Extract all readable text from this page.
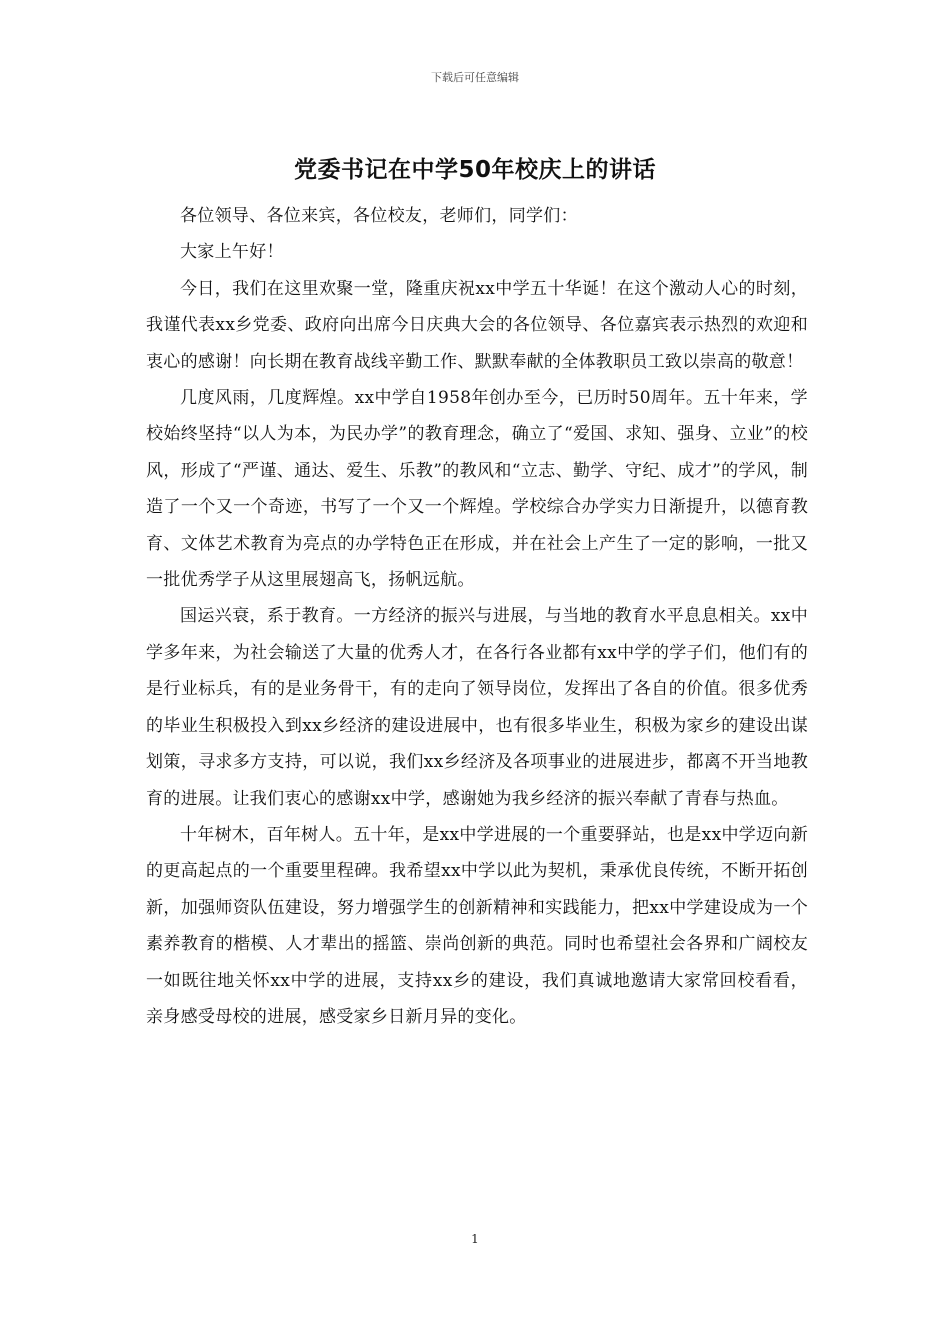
下载后可任意编辑
党委书记在中学50年校庆上的讲话

各位领导、各位来宾，各位校友，老师们，同学们：

大家上午好！

今日，我们在这里欢聚一堂，隆重庆祝xx中学五十华诞！在这个激动人心的时刻，我谨代表xx乡党委、政府向出席今日庆典大会的各位领导、各位嘉宾表示热烈的欢迎和衷心的感谢！向长期在教育战线辛勤工作、默默奉献的全体教职员工致以崇高的敬意！

几度风雨，几度辉煌。xx中学自1958年创办至今，已历时50周年。五十年来，学校始终坚持“以人为本，为民办学”的教育理念，确立了“爱国、求知、强身、立业”的校风，形成了“严谨、通达、爱生、乐教”的教风和“立志、勤学、守纪、成才”的学风，制造了一个又一个奇迹，书写了一个又一个辉煌。学校综合办学实力日渐提升，以德育教育、文体艺术教育为亮点的办学特色正在形成，并在社会上产生了一定的影响，一批又一批优秀学子从这里展翅高飞，扬帆远航。

国运兴衰，系于教育。一方经济的振兴与进展，与当地的教育水平息息相关。xx中学多年来，为社会输送了大量的优秀人才，在各行各业都有xx中学的学子们，他们有的是行业标兵，有的是业务骨干，有的走向了领导岗位，发挥出了各自的价值。很多优秀的毕业生积极投入到xx乡经济的建设进展中，也有很多毕业生，积极为家乡的建设出谋划策，寻求多方支持，可以说，我们xx乡经济及各项事业的进展进步，都离不开当地教育的进展。让我们衷心的感谢xx中学，感谢她为我乡经济的振兴奉献了青春与热血。

十年树木，百年树人。五十年，是xx中学进展的一个重要驿站，也是xx中学迈向新的更高起点的一个重要里程碑。我希望xx中学以此为契机，秉承优良传统，不断开拓创新，加强师资队伍建设，努力增强学生的创新精神和实践能力，把xx中学建设成为一个素养教育的楷模、人才辈出的摇篮、崇尚创新的典范。同时也希望社会各界和广阔校友一如既往地关怀xx中学的进展，支持xx乡的建设，我们真诚地邀请大家常回校看看，亲身感受母校的进展，感受家乡日新月异的变化。

1
